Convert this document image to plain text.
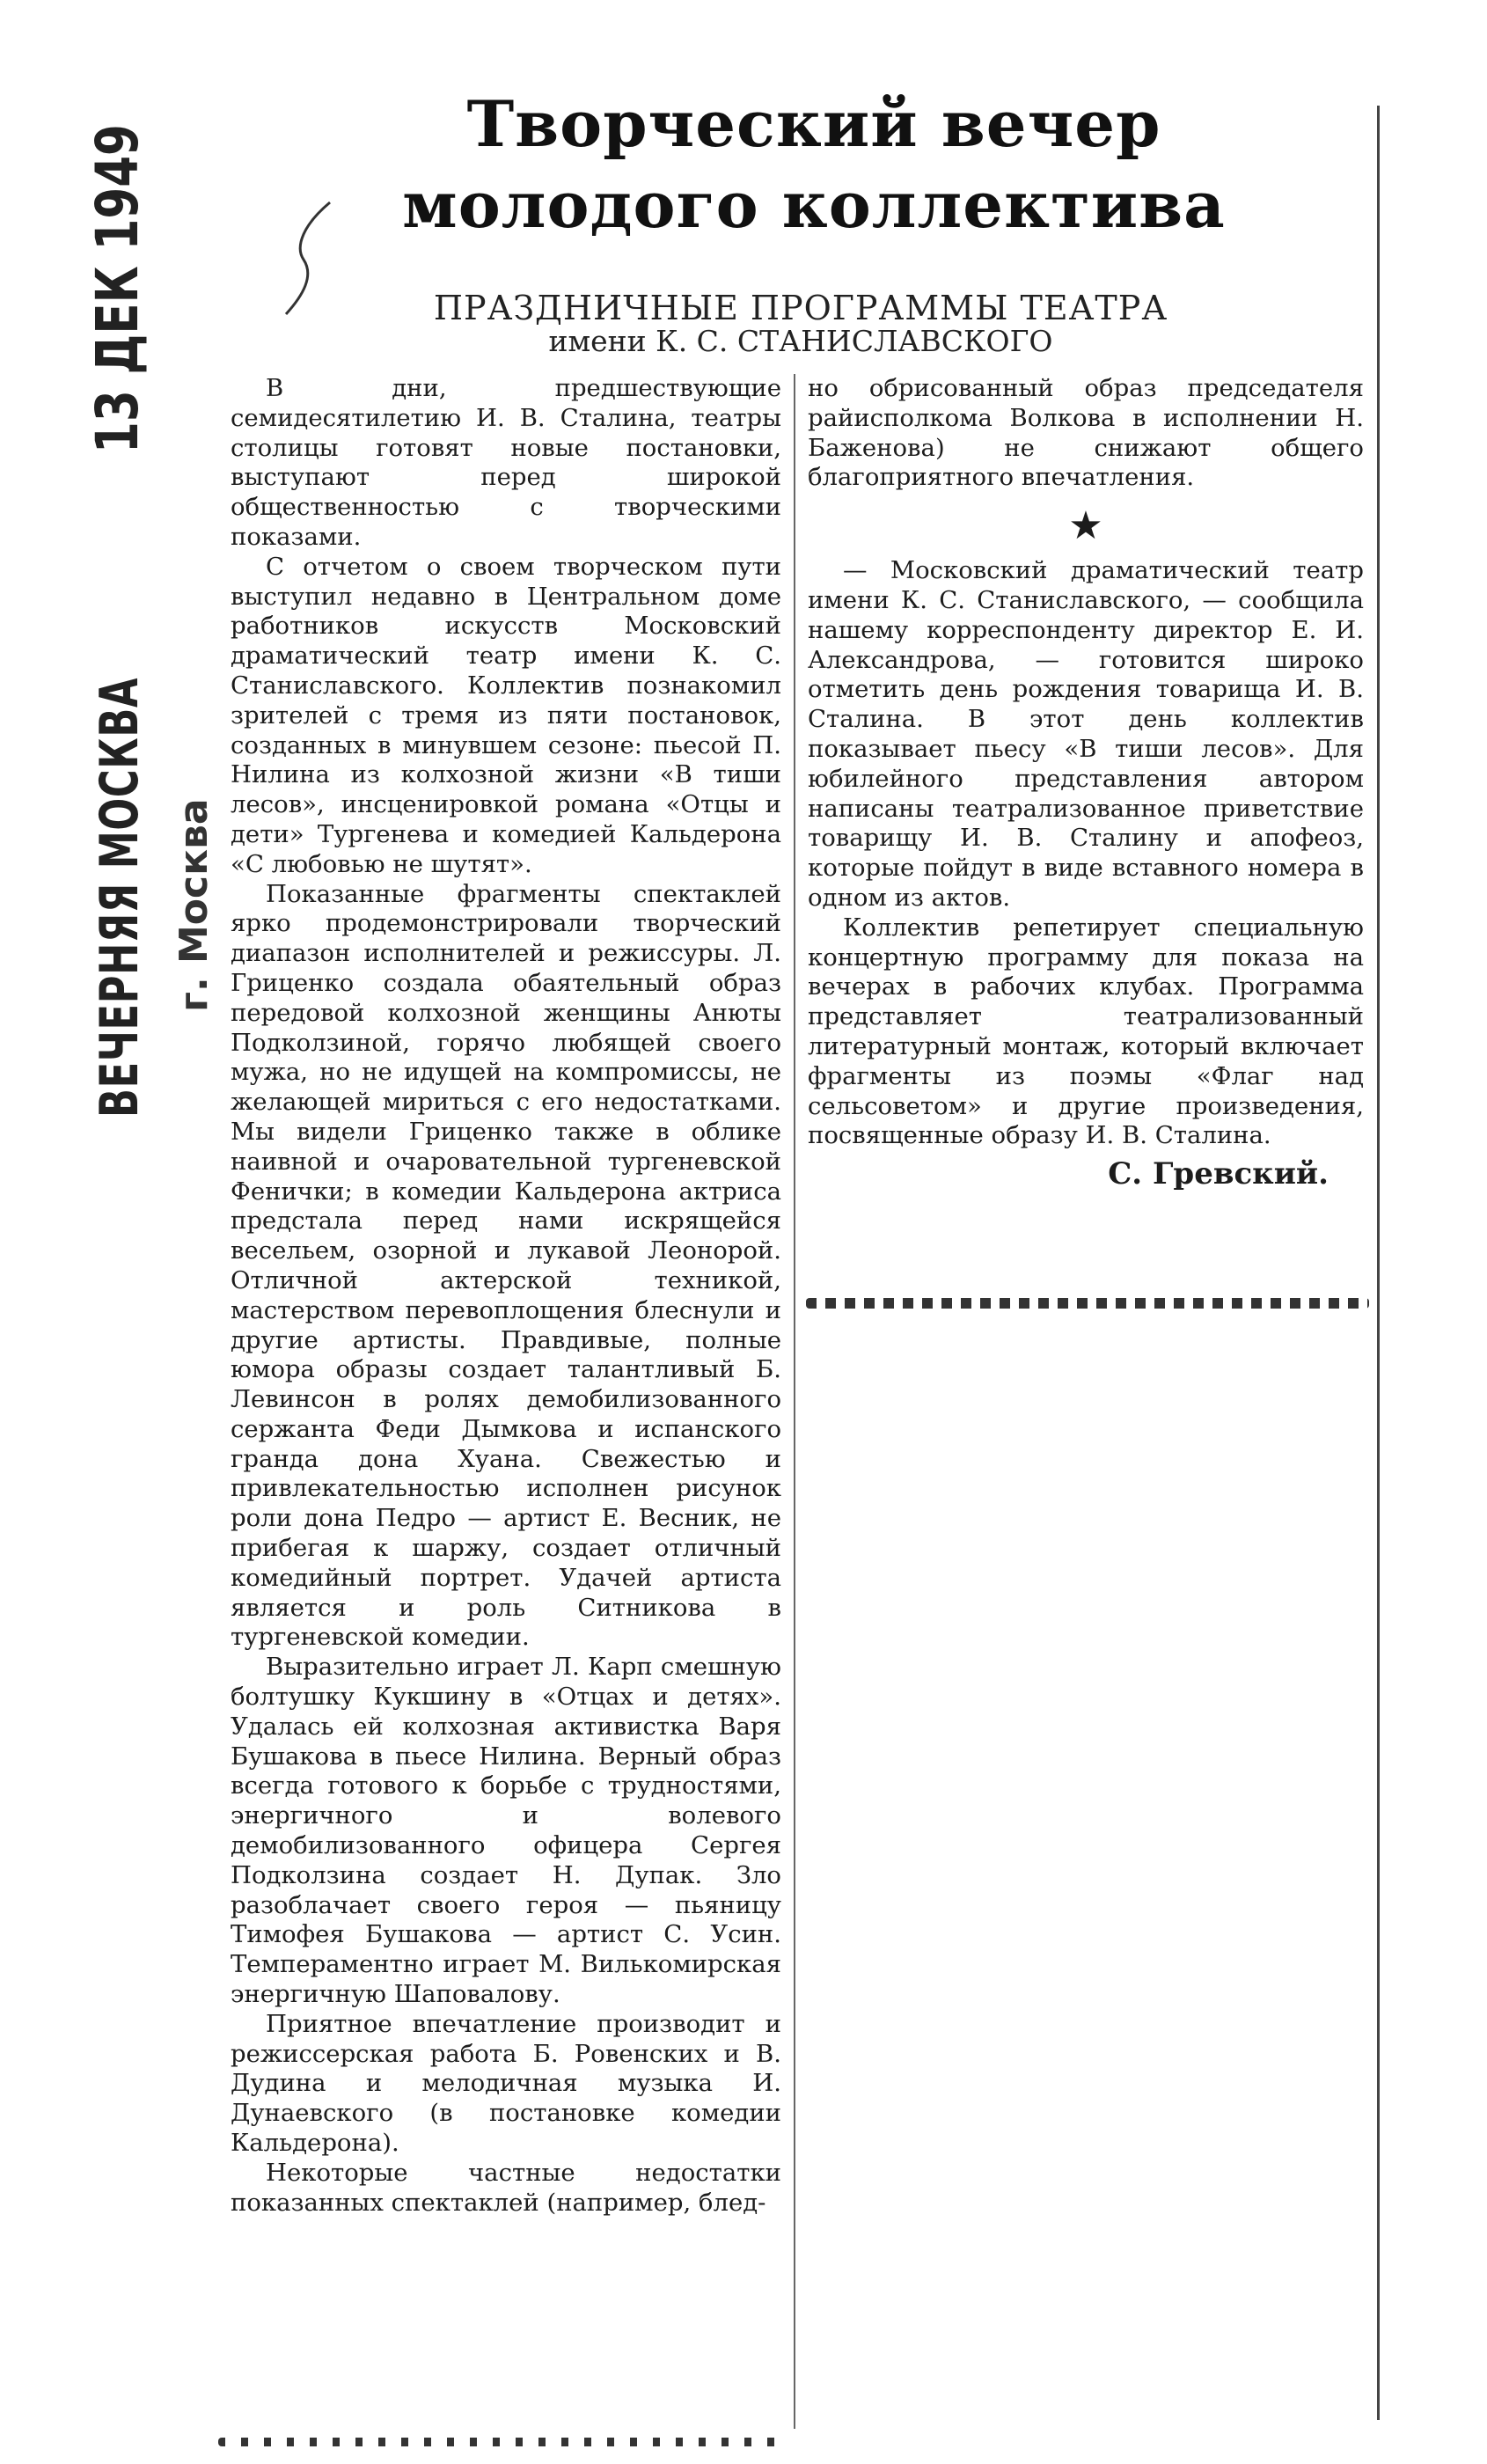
ВЕЧЕРНЯЯ МОСКВА13 ДЕК 1949
г. Москва
Творческий вечер молодого коллектива
ПРАЗДНИЧНЫЕ ПРОГРАММЫ ТЕАТРА
имени К. С. СТАНИСЛАВСКОГО

В дни, предшествующие семидесятилетию И. В. Сталина, театры столицы готовят новые постановки, выступают перед широкой общественностью с творческими показами.

С отчетом о своем творческом пути выступил недавно в Центральном доме работников искусств Московский драматический театр имени К. С. Станиславского. Коллектив познакомил зрителей с тремя из пяти постановок, созданных в минувшем сезоне: пьесой П. Нилина из колхозной жизни «В тиши лесов», инсценировкой романа «Отцы и дети» Тургенева и комедией Кальдерона «С любовью не шутят».

Показанные фрагменты спектаклей ярко продемонстрировали творческий диапазон исполнителей и режиссуры. Л. Гриценко создала обаятельный образ передовой колхозной женщины Анюты Подколзиной, горячо любящей своего мужа, но не идущей на компромиссы, не желающей мириться с его недостатками. Мы видели Гриценко также в облике наивной и очаровательной тургеневской Фенички; в комедии Кальдерона актриса предстала перед нами искрящейся весельем, озорной и лукавой Леонорой. Отличной актерской техникой, мастерством перевоплощения блеснули и другие артисты. Правдивые, полные юмора образы создает талантливый Б. Левинсон в ролях демобилизованного сержанта Феди Дымкова и испанского гранда дона Хуана. Свежестью и привлекательностью исполнен рисунок роли дона Педро — артист Е. Весник, не прибегая к шаржу, создает отличный комедийный портрет. Удачей артиста является и роль Ситникова в тургеневской комедии.

Выразительно играет Л. Карп смешную болтушку Кукшину в «Отцах и детях». Удалась ей колхозная активистка Варя Бушакова в пьесе Нилина. Верный образ всегда готового к борьбе с трудностями, энергичного и волевого демобилизованного офицера Сергея Подколзина создает Н. Дупак. Зло разоблачает своего героя — пьяницу Тимофея Бушакова — артист С. Усин. Темпераментно играет М. Вилькомирская энергичную Шаповалову.

Приятное впечатление производит и режиссерская работа Б. Ровенских и В. Дудина и мелодичная музыка И. Дунаевского (в постановке комедии Кальдерона).

Некоторые частные недостатки показанных спектаклей (например, блед-

но обрисованный образ председателя райисполкома Волкова в исполнении Н. Баженова) не снижают общего благоприятного впечатления.

★

— Московский драматический театр имени К. С. Станиславского, — сообщила нашему корреспонденту директор Е. И. Александрова, — готовится широко отметить день рождения товарища И. В. Сталина. В этот день коллектив показывает пьесу «В тиши лесов». Для юбилейного представления автором написаны театрализованное приветствие товарищу И. В. Сталину и апофеоз, которые пойдут в виде вставного номера в одном из актов.

Коллектив репетирует специальную концертную программу для показа на вечерах в рабочих клубах. Программа представляет театрализованный литературный монтаж, который включает фрагменты из поэмы «Флаг над сельсоветом» и другие произведения, посвященные образу И. В. Сталина.

С. Гревский.
